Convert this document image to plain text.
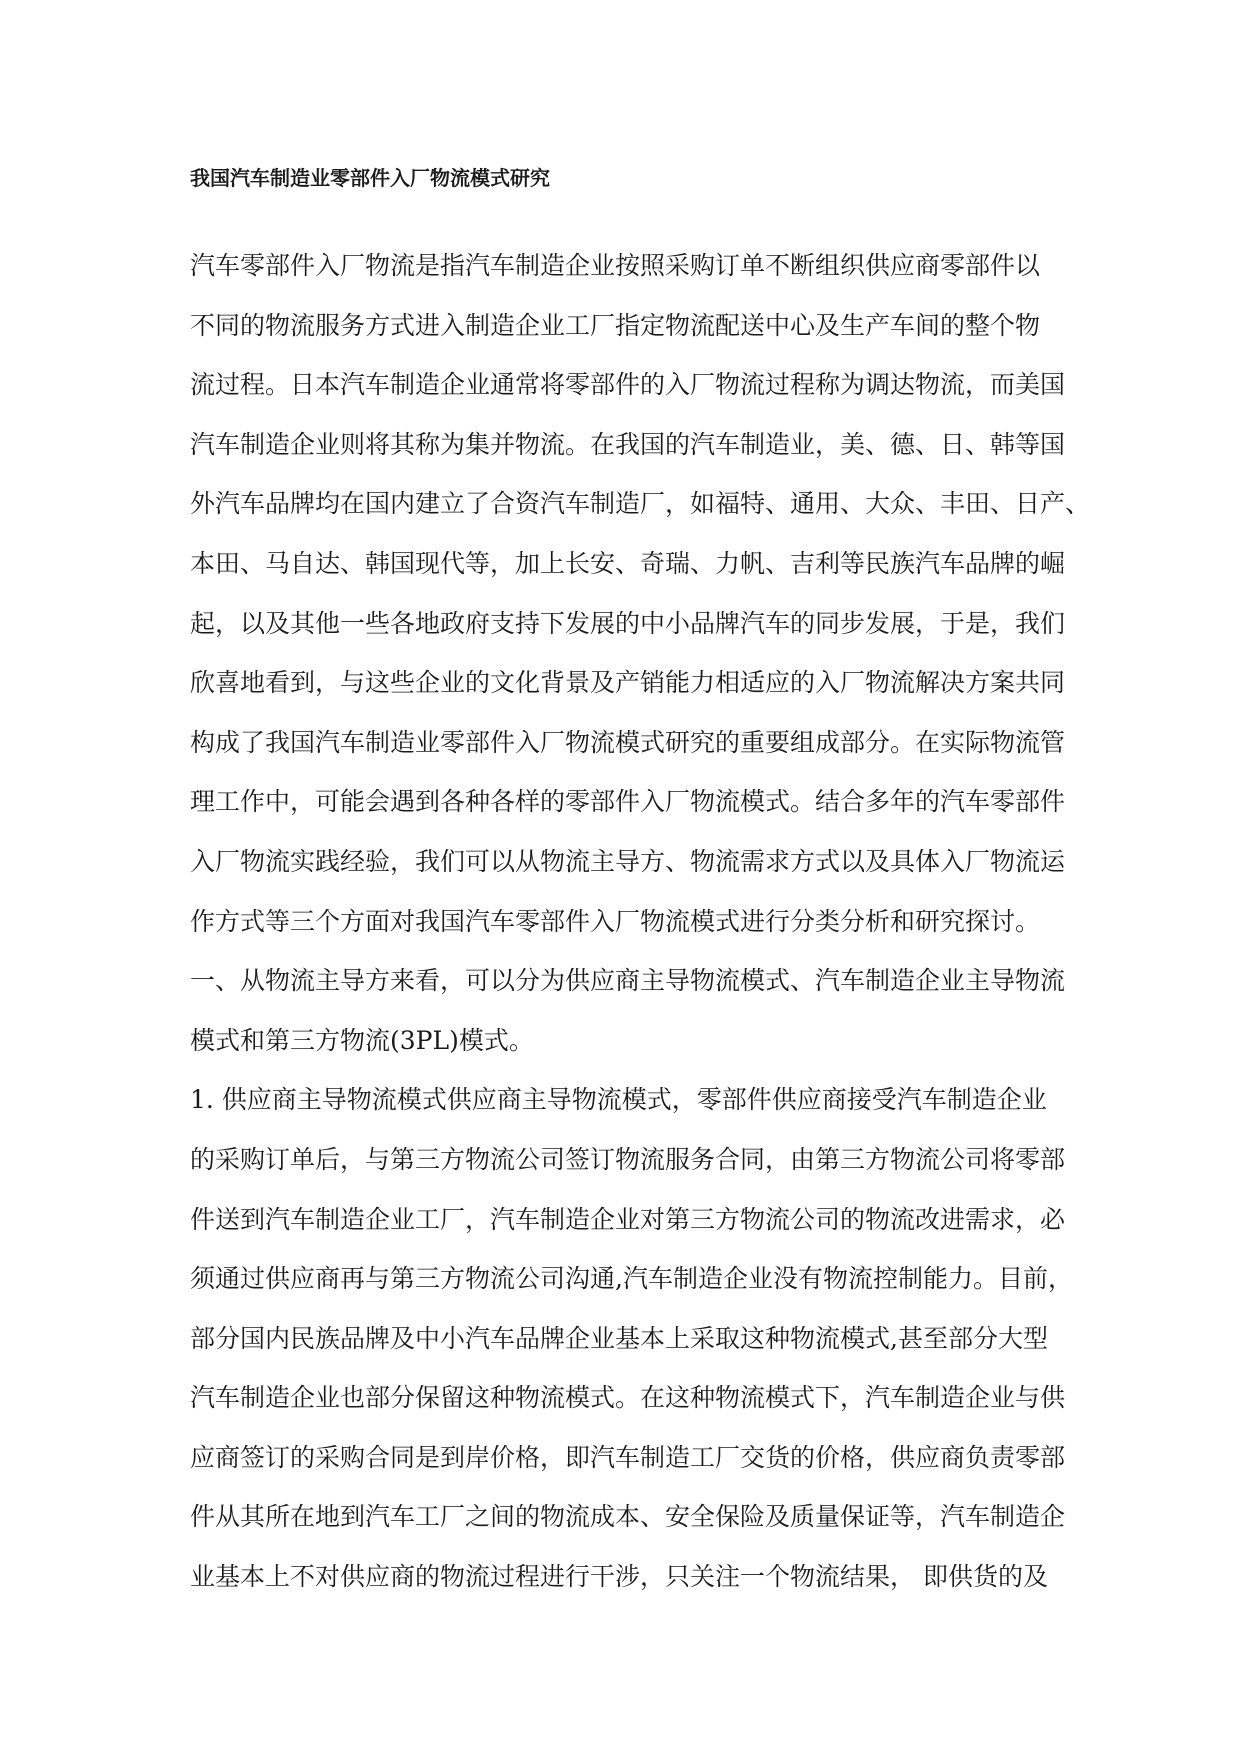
我国汽车制造业零部件入厂物流模式研究
汽车零部件入厂物流是指汽车制造企业按照采购订单不断组织供应商零部件以
不同的物流服务方式进入制造企业工厂指定物流配送中心及生产车间的整个物
流过程。日本汽车制造企业通常将零部件的入厂物流过程称为调达物流，而美国
汽车制造企业则将其称为集并物流。在我国的汽车制造业，美、德、日、韩等国
外汽车品牌均在国内建立了合资汽车制造厂，如福特、通用、大众、丰田、日产、
本田、马自达、韩国现代等，加上长安、奇瑞、力帆、吉利等民族汽车品牌的崛
起，以及其他一些各地政府支持下发展的中小品牌汽车的同步发展，于是，我们
欣喜地看到，与这些企业的文化背景及产销能力相适应的入厂物流解决方案共同
构成了我国汽车制造业零部件入厂物流模式研究的重要组成部分。在实际物流管
理工作中，可能会遇到各种各样的零部件入厂物流模式。结合多年的汽车零部件
入厂物流实践经验，我们可以从物流主导方、物流需求方式以及具体入厂物流运
作方式等三个方面对我国汽车零部件入厂物流模式进行分类分析和研究探讨。
一、从物流主导方来看，可以分为供应商主导物流模式、汽车制造企业主导物流
模式和第三方物流(3PL)模式。
1. 供应商主导物流模式供应商主导物流模式，零部件供应商接受汽车制造企业
的采购订单后，与第三方物流公司签订物流服务合同，由第三方物流公司将零部
件送到汽车制造企业工厂，汽车制造企业对第三方物流公司的物流改进需求，必
须通过供应商再与第三方物流公司沟通,汽车制造企业没有物流控制能力。目前，
部分国内民族品牌及中小汽车品牌企业基本上采取这种物流模式,甚至部分大型
汽车制造企业也部分保留这种物流模式。在这种物流模式下，汽车制造企业与供
应商签订的采购合同是到岸价格，即汽车制造工厂交货的价格，供应商负责零部
件从其所在地到汽车工厂之间的物流成本、安全保险及质量保证等，汽车制造企
业基本上不对供应商的物流过程进行干涉，只关注一个物流结果， 即供货的及
